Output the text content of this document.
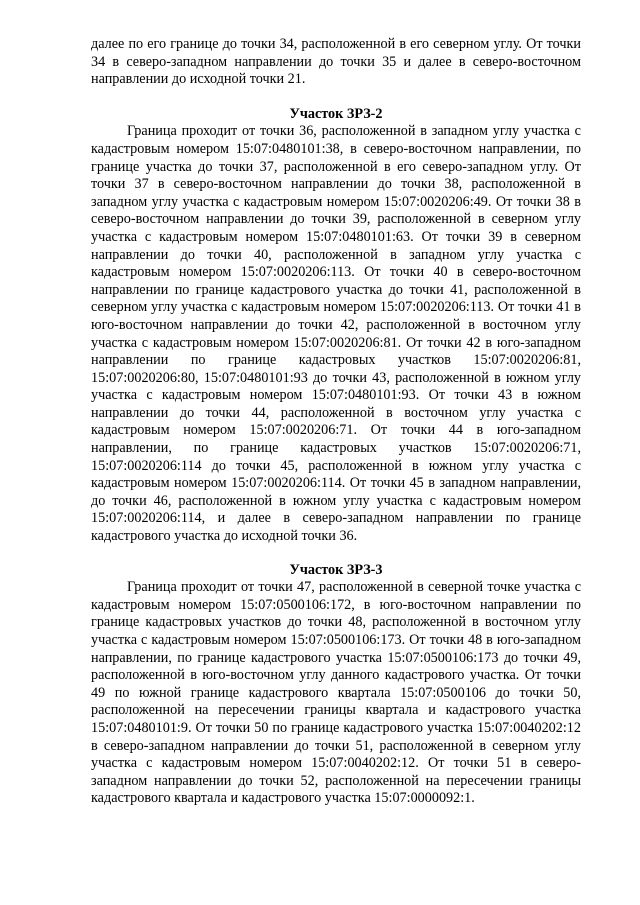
далее по его границе до точки 34, расположенной в его северном углу. От точки 34 в северо-западном направлении до точки 35 и далее в северо-восточном направлении до исходной точки 21.

Участок ЗРЗ-2

Граница проходит от точки 36, расположенной в западном углу участка с кадастровым номером 15:07:0480101:38, в северо-восточном направлении, по границе участка до точки 37, расположенной в его северо-западном углу. От точки 37 в северо-восточном направлении до точки 38, расположенной в западном углу участка с кадастровым номером 15:07:0020206:49. От точки 38 в северо-восточном направлении до точки 39, расположенной в северном углу участка с кадастровым номером 15:07:0480101:63. От точки 39 в северном направлении до точки 40, расположенной в западном углу участка с кадастровым номером 15:07:0020206:113. От точки 40 в северо-восточном направлении по границе кадастрового участка до точки 41, расположенной в северном углу участка с кадастровым номером 15:07:0020206:113. От точки 41 в юго-восточном направлении до точки 42, расположенной в восточном углу участка с кадастровым номером 15:07:0020206:81. От точки 42 в юго-западном направлении по границе кадастровых участков 15:07:0020206:81, 15:07:0020206:80, 15:07:0480101:93 до точки 43, расположенной в южном углу участка с кадастровым номером 15:07:0480101:93. От точки 43 в южном направлении до точки 44, расположенной в восточном углу участка с кадастровым номером 15:07:0020206:71. От точки 44 в юго-западном направлении, по границе кадастровых участков 15:07:0020206:71, 15:07:0020206:114 до точки 45, расположенной в южном углу участка с кадастровым номером 15:07:0020206:114. От точки 45 в западном направлении, до точки 46, расположенной в южном углу участка с кадастровым номером 15:07:0020206:114, и далее в северо-западном направлении по границе кадастрового участка до исходной точки 36.

Участок ЗРЗ-3

Граница проходит от точки 47, расположенной в северной точке участка с кадастровым номером 15:07:0500106:172, в юго-восточном направлении по границе кадастровых участков до точки 48, расположенной в восточном углу участка с кадастровым номером 15:07:0500106:173. От точки 48 в юго-западном направлении, по границе кадастрового участка 15:07:0500106:173 до точки 49, расположенной в юго-восточном углу данного кадастрового участка. От точки 49 по южной границе кадастрового квартала 15:07:0500106 до точки 50, расположенной на пересечении границы квартала и кадастрового участка 15:07:0480101:9. От точки 50 по границе кадастрового участка 15:07:0040202:12 в северо-западном направлении до точки 51, расположенной в северном углу участка с кадастровым номером 15:07:0040202:12. От точки 51 в северо-западном направлении до точки 52, расположенной на пересечении границы кадастрового квартала и кадастрового участка 15:07:0000092:1.
